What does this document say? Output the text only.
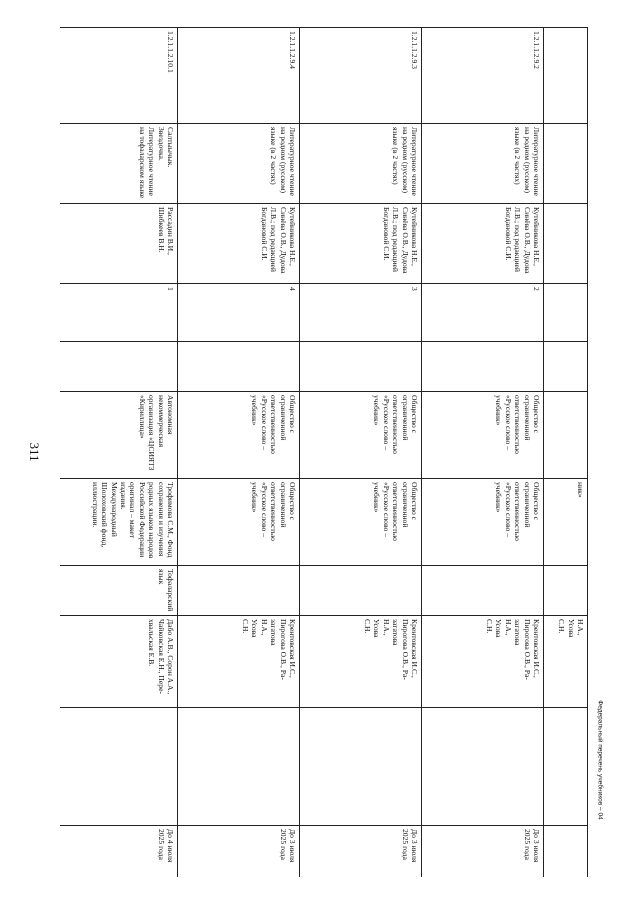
311
Федеральный перечень учебников – 04
						ник»		Н.А.,
Усова
С.Н.		
1.2.1.1.2.9.2	Литературное чтение на родном (русском) языке (в 2 частях)	Кутейникова Н.Е., Синёва О.В., Дудова Л.В.; под редакцией Богдановой С.И.	2		Общество с ограниченной ответственностью «Русское слово – учебник»	Общество с ограниченной ответственностью «Русское слово – учебник»		Крентовская И.С., Пирогова О.В., Ра-
загатова
Н.А.,
Усова
С.Н.		До 3 июля 2025 года
1.2.1.1.2.9.3	Литературное чтение на родном (русском) языке (в 2 частях)	Кутейникова Н.Е., Синёва О.В., Дудова Л.В.; под редакцией Богдановой С.И.	3		Общество с ограниченной ответственностью «Русское слово – учебник»	Общество с ограниченной ответственностью «Русское слово – учебник»		Крентовская И.С., Пирогова О.В., Ра-
загатова
Н.А.,
Усова
С.Н.		До 3 июля 2025 года
1.2.1.1.2.9.4	Литературное чтение на родном (русском) языке (в 2 частях)	Кутейникова Н.Е., Синёва О.В., Дудова Л.В.; под редакцией Богдановой С.И.	4		Общество с ограниченной ответственностью «Русское слово – учебник»	Общество с ограниченной ответственностью «Русское слово – учебник»		Крентовская И.С., Пирогова О.В., Ра-
загатова
Н.А.,
Усова
С.Н.		До 3 июля 2025 года
1.2.1.1.2.10.1	Салтыычык. Звездочка. Литературное чтение на тофаларском языке	Рассадин В.И., Шибкеев В.Н.	1		Автономная некоммерческая организация «ЦСИЯТЗ «Кириллица»	Трофимова С.М., Фонд сохранения и изучения родных языков народов Российской Федерации оригинал – макет издания. Международный Шолоховский фонд, иллюстрации.	Тофаларский язык	Дабо А.В., Сорон А.А., Чайковская Е.Н., Пере-
хвальская Е.В.		До 4 июля 2025 года
